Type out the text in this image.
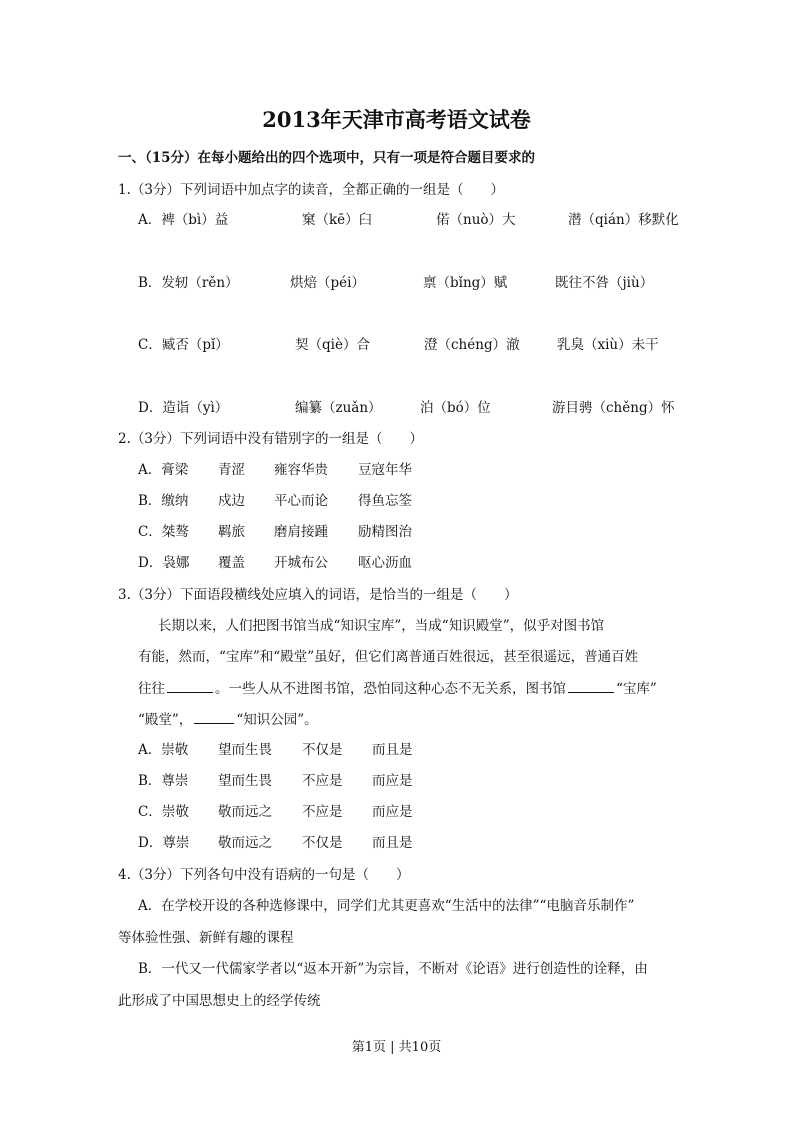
2013年天津市高考语文试卷
一、（15分）在每小题给出的四个选项中，只有一项是符合题目要求的
1.（3分）下列词语中加点字的读音，全都正确的一组是（　　）
A．裨（bì）益	窠（kē）臼	偌（nuò）大	潜（qián）移默化
B．发轫（rěn）	烘焙（péi）	禀（bǐng）赋	既往不咎（jiù）
C．臧否（pǐ）	契（qiè）合	澄（chéng）澈	乳臭（xiù）未干
D．造诣（yì）	编纂（zuǎn）	泊（bó）位	游目骋（chěng）怀
2.（3分）下列词语中没有错别字的一组是（　　）
A．膏梁 青涩 雍容华贵 豆寇年华
B．缴纳 戍边 平心而论 得鱼忘筌
C．桀骜 羁旅 磨肩接踵 励精图治
D．袅娜 覆盖 开城布公 呕心沥血
3.（3分）下面语段横线处应填入的词语，是恰当的一组是（　　）
长期以来，人们把图书馆当成“知识宝库”，当成“知识殿堂”，似乎对图书馆
有能，然而，“宝库”和“殿堂”虽好，但它们离普通百姓很远，甚至很遥远，普通百姓
往往	。一些人从不进图书馆，恐怕同这种心态不无关系，图书馆	“宝库”
“殿堂”，	“知识公园”。
A．崇敬 望而生畏 不仅是 而且是
B．尊崇 望而生畏 不应是 而应是
C．崇敬 敬而远之 不应是 而应是
D．尊崇 敬而远之 不仅是 而且是
4.（3分）下列各句中没有语病的一句是（　　）
A．在学校开设的各种选修课中，同学们尤其更喜欢“生活中的法律”“电脑音乐制作”
等体验性强、新鲜有趣的课程
B．一代又一代儒家学者以“返本开新”为宗旨，不断对《论语》进行创造性的诠释，由
此形成了中国思想史上的经学传统
第1页 | 共10页
